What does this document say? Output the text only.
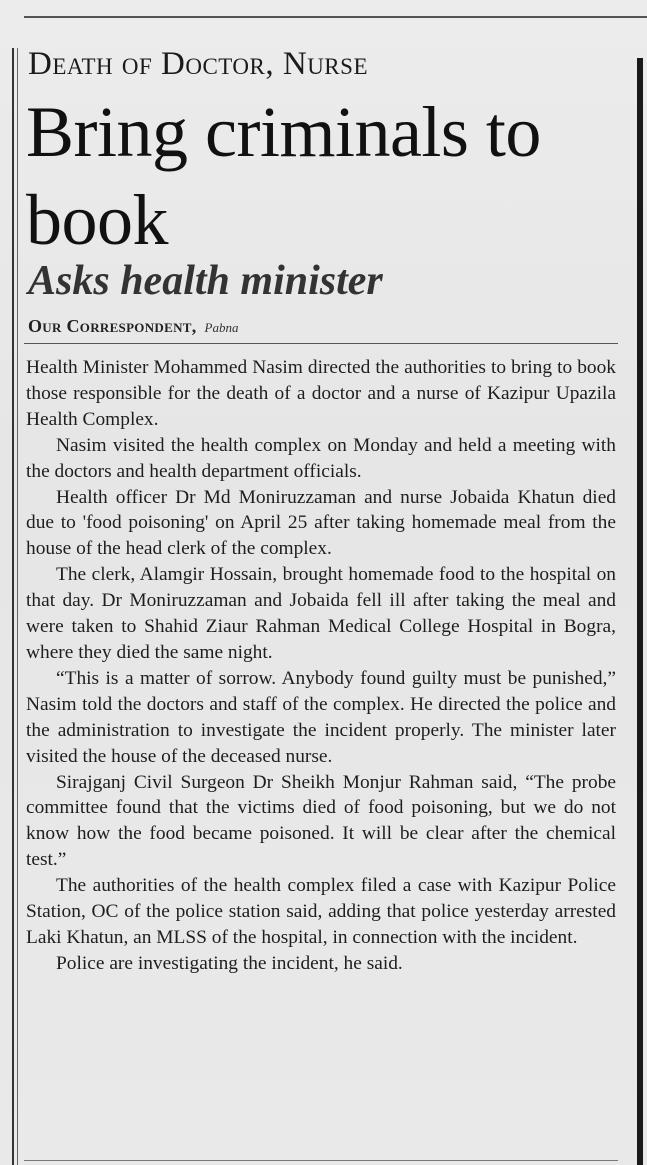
Death of Doctor, Nurse
Bring criminals to book
Asks health minister
Our Correspondent, Pabna

Health Minister Mohammed Nasim directed the authorities to bring to book those responsible for the death of a doctor and a nurse of Kazipur Upazila Health Complex.

Nasim visited the health complex on Monday and held a meeting with the doctors and health department officials.

Health officer Dr Md Moniruzzaman and nurse Jobaida Khatun died due to 'food poisoning' on April 25 after taking homemade meal from the house of the head clerk of the complex.

The clerk, Alamgir Hossain, brought homemade food to the hospital on that day. Dr Moniruzzaman and Jobaida fell ill after taking the meal and were taken to Shahid Ziaur Rahman Medical College Hospital in Bogra, where they died the same night.

“This is a matter of sorrow. Anybody found guilty must be punished,” Nasim told the doctors and staff of the complex. He directed the police and the administration to investigate the incident properly. The minister later visited the house of the deceased nurse.

Sirajganj Civil Surgeon Dr Sheikh Monjur Rahman said, “The probe committee found that the victims died of food poisoning, but we do not know how the food became poisoned. It will be clear after the chemical test.”

The authorities of the health complex filed a case with Kazipur Police Station, OC of the police station said, adding that police yesterday arrested Laki Khatun, an MLSS of the hospital, in connection with the incident.

Police are investigating the incident, he said.
